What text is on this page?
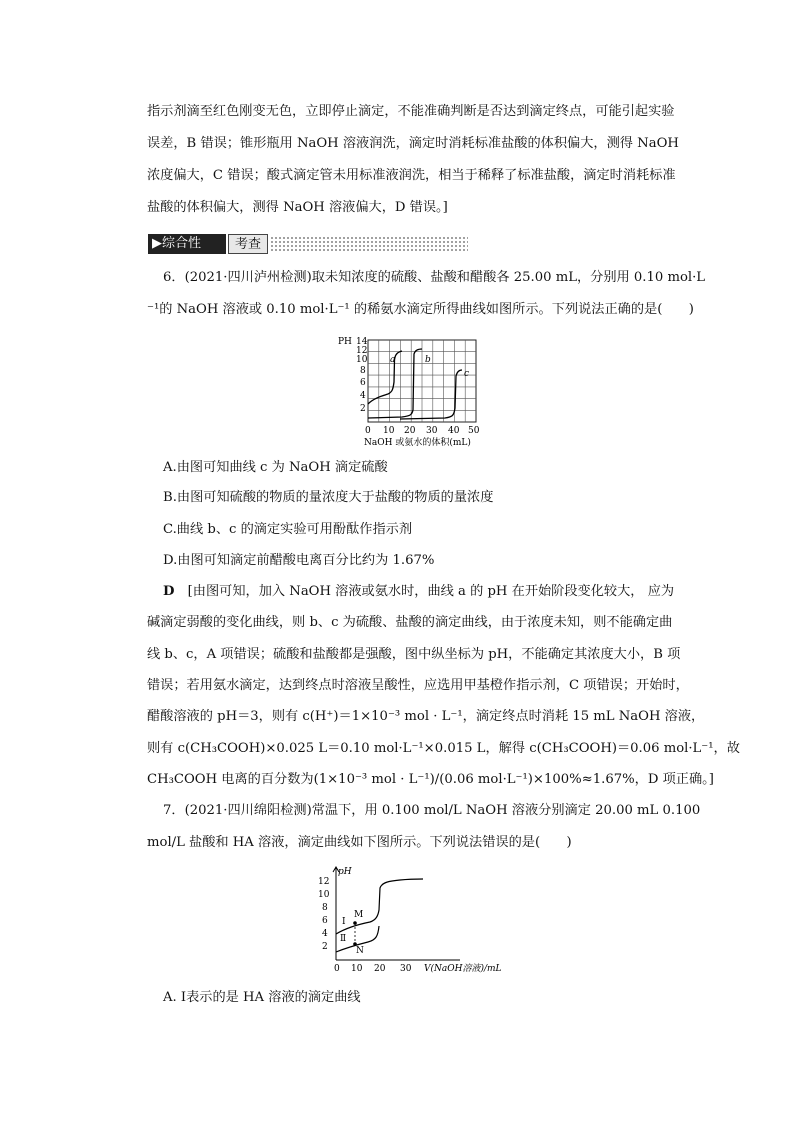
指示剂滴至红色刚变无色，立即停止滴定，不能准确判断是否达到滴定终点，可能引起实验
误差，B 错误；锥形瓶用 NaOH 溶液润洗，滴定时消耗标准盐酸的体积偏大，测得 NaOH
浓度偏大，C 错误；酸式滴定管未用标准液润洗，相当于稀释了标准盐酸，滴定时消耗标准
盐酸的体积偏大，测得 NaOH 溶液偏大，D 错误。]
▶综合性	考查
6．(2021·四川泸州检测)取未知浓度的硫酸、盐酸和醋酸各 25.00 mL，分别用 0.10 mol·L
⁻¹的 NaOH 溶液或 0.10 mol·L⁻¹ 的稀氨水滴定所得曲线如图所示。下列说法正确的是(　　)
PH 14
12
10
8
6
4
2
a	b
c
0 10 20 30 40 50
NaOH 或氨水的体积(mL)
A.由图可知曲线 c 为 NaOH 滴定硫酸
B.由图可知硫酸的物质的量浓度大于盐酸的物质的量浓度
C.曲线 b、c 的滴定实验可用酚酞作指示剂
D.由图可知滴定前醋酸电离百分比约为 1.67%
D　 [由图可知，加入 NaOH 溶液或氨水时，曲线 a 的 pH 在开始阶段变化较大， 应为
碱滴定弱酸的变化曲线，则 b、c 为硫酸、盐酸的滴定曲线，由于浓度未知，则不能确定曲
线 b、c，A 项错误；硫酸和盐酸都是强酸，图中纵坐标为 pH，不能确定其浓度大小，B 项
错误；若用氨水滴定，达到终点时溶液呈酸性，应选用甲基橙作指示剂，C 项错误；开始时，
醋酸溶液的 pH＝3，则有 c(H⁺)＝1×10⁻³ mol · L⁻¹，滴定终点时消耗 15 mL NaOH 溶液，
则有 c(CH₃COOH)×0.025 L＝0.10 mol·L⁻¹×0.015 L，解得 c(CH₃COOH)＝0.06 mol·L⁻¹，故
CH₃COOH 电离的百分数为(1×10⁻³ mol · L⁻¹)/(0.06 mol·L⁻¹)×100%≈1.67%，D 项正确。]
7．(2021·四川绵阳检测)常温下，用 0.100 mol/L NaOH 溶液分别滴定 20.00 mL 0.100
mol/L 盐酸和 HA 溶液，滴定曲线如下图所示。下列说法错误的是(　　)
pH
12
10
8
6
4
2
Ⅰ
Ⅱ
M
N
0 10 20 30 V(NaOH溶液)/mL
A. Ⅰ表示的是 HA 溶液的滴定曲线
